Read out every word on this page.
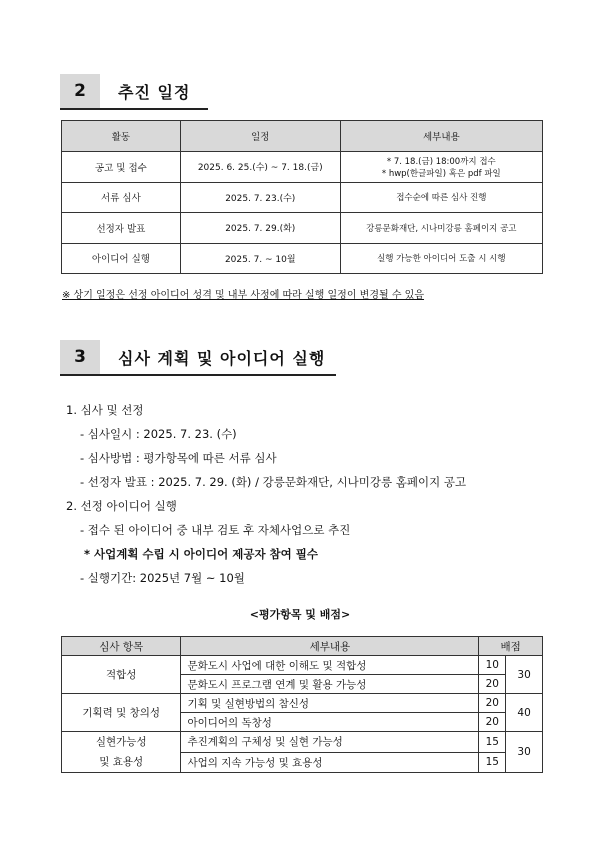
2	추진 일정
활동	일정	세부내용
공고 및 접수	2025. 6. 25.(수) ~ 7. 18.(금)	* 7. 18.(금) 18:00까지 접수
* hwp(한글파일) 혹은 pdf 파일

서류 심사	2025. 7. 23.(수)	접수순에 따른 심사 진행
선정자 발표	2025. 7. 29.(화)	강릉문화재단, 시나미강릉 홈페이지 공고
아이디어 실행	2025. 7. ~ 10월	실행 가능한 아이디어 도출 시 시행
※ 상기 일정은 선정 아이디어 성격 및 내부 사정에 따라 실행 일정이 변경될 수 있음
3	심사 계획 및 아이디어 실행
1. 심사 및 선정
- 심사일시 : 2025. 7. 23. (수)
- 심사방법 : 평가항목에 따른 서류 심사
- 선정자 발표 : 2025. 7. 29. (화) / 강릉문화재단, 시나미강릉 홈페이지 공고
2. 선정 아이디어 실행
- 접수 된 아이디어 중 내부 검토 후 자체사업으로 추진
* 사업계획 수립 시 아이디어 제공자 참여 필수
- 실행기간: 2025년 7월 ~ 10월
<평가항목 및 배점>
심사 항목	세부내용	배점	
적합성	문화도시 사업에 대한 이해도 및 적합성	10	30
	문화도시 프로그램 연계 및 활용 가능성	20	
기획력 및 창의성	기획 및 실현방법의 참신성	20	40
	아이디어의 독창성	20	

실현가능성
및 효용성	추진계획의 구체성 및 실현 가능성	15	30
	사업의 지속 가능성 및 효용성	15	
